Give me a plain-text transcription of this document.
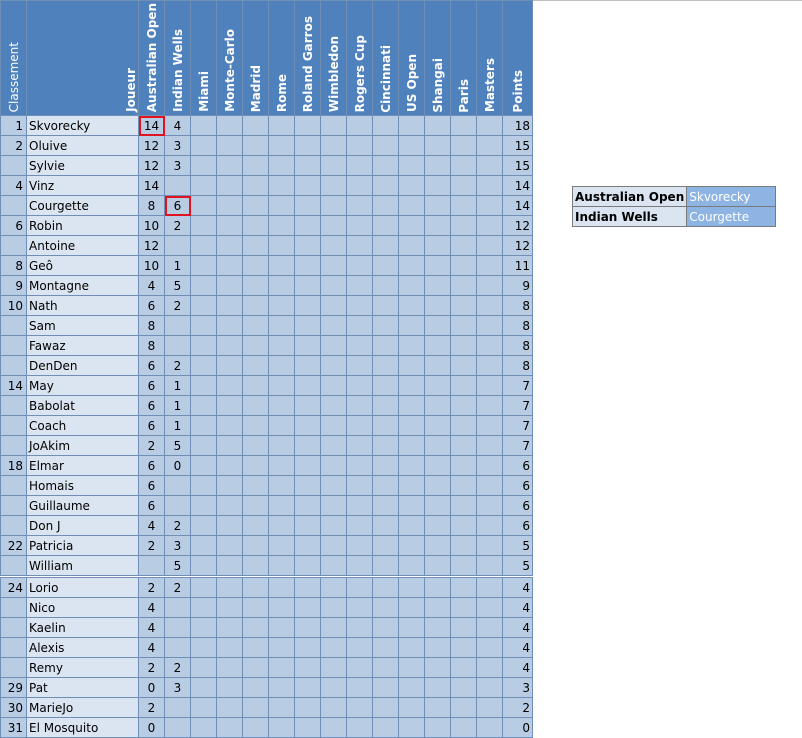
Classement	Joueur	Australian Open	Indian Wells	Miami	Monte-Carlo	Madrid	Rome	Roland Garros	Wimbledon	Rogers Cup	Cincinnati	US Open	Shangai	Paris	Masters	Points
1	Skvorecky	14	4													18
2	Oluive	12	3													15
	Sylvie	12	3													15
4	Vinz	14														14
	Courgette	8	6													14
6	Robin	10	2													12
	Antoine	12														12
8	Geô	10	1													11
9	Montagne	4	5													9
10	Nath	6	2													8
	Sam	8														8
	Fawaz	8														8
	DenDen	6	2													8
14	May	6	1													7
	Babolat	6	1													7
	Coach	6	1													7
	JoAkim	2	5													7
18	Elmar	6	0													6
	Homais	6														6
	Guillaume	6														6
	Don J	4	2													6
22	Patricia	2	3													5
	William		5													5
24	Lorio	2	2													4
	Nico	4														4
	Kaelin	4														4
	Alexis	4														4
	Remy	2	2													4
29	Pat	0	3													3
30	MarieJo	2														2
31	El Mosquito	0														0
Australian Open	Skvorecky
Indian Wells	Courgette
